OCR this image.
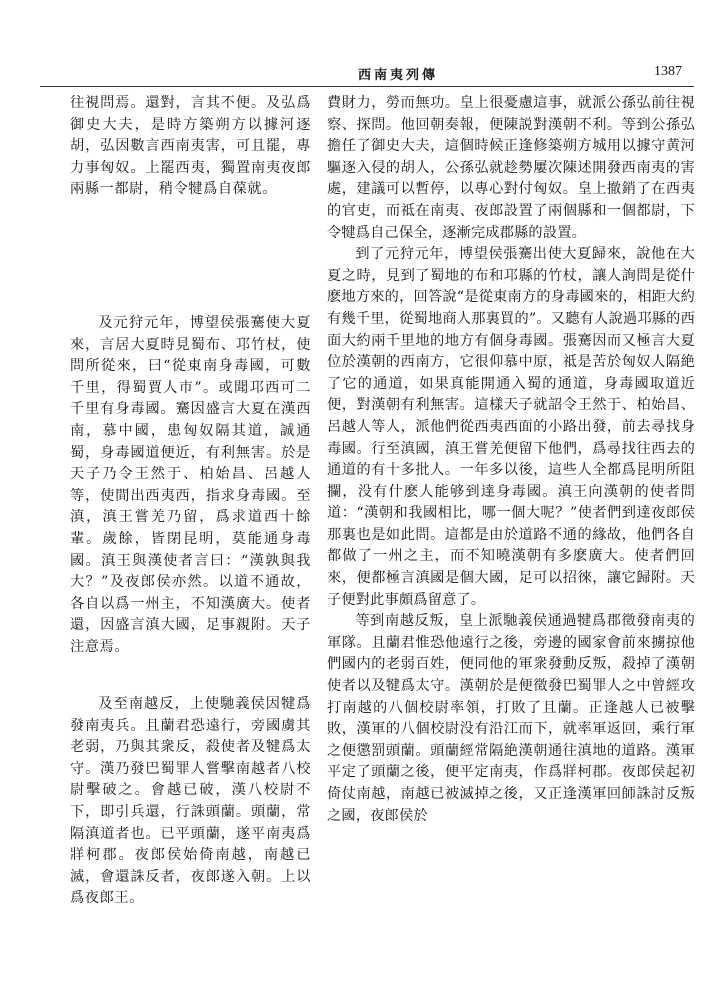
西南夷列傳	1387

往視問焉。還對，言其不便。及弘爲御史大夫，是時方築朔方以據河逐胡，弘因數言西南夷害，可且罷，專力事匈奴。上罷西夷，獨置南夷夜郎兩縣一都尉，稍令犍爲自葆就。

及元狩元年，博望侯張騫使大夏來，言居大夏時見蜀布、邛竹杖，使問所從來，曰“從東南身毒國，可數千里，得蜀賈人市”。或聞邛西可二千里有身毒國。騫因盛言大夏在漢西南，慕中國，患匈奴隔其道，誠通蜀，身毒國道便近，有利無害。於是天子乃令王然于、柏始昌、呂越人等，使間出西夷西，指求身毒國。至滇，滇王嘗羌乃留，爲求道西十餘輩。歲餘，皆閉昆明，莫能通身毒國。滇王與漢使者言曰：“漢孰與我大？”及夜郎侯亦然。以道不通故，各自以爲一州主，不知漢廣大。使者還，因盛言滇大國，足事親附。天子注意焉。

及至南越反，上使馳義侯因犍爲發南夷兵。且蘭君恐遠行，旁國虜其老弱，乃與其衆反，殺使者及犍爲太守。漢乃發巴蜀罪人嘗擊南越者八校尉擊破之。會越已破，漢八校尉不下，即引兵還，行誅頭蘭。頭蘭，常隔滇道者也。已平頭蘭，遂平南夷爲牂柯郡。夜郎侯始倚南越，南越已滅，會還誅反者，夜郎遂入朝。上以爲夜郎王。

費財力，勞而無功。皇上很憂慮這事，就派公孫弘前往視察、探問。他回朝奏報，便陳説對漢朝不利。等到公孫弘擔任了御史大夫，這個時候正逢修築朔方城用以據守黄河驅逐入侵的胡人，公孫弘就趁勢屢次陳述開發西南夷的害處，建議可以暫停，以專心對付匈奴。皇上撤銷了在西夷的官吏，而祗在南夷、夜郎設置了兩個縣和一個都尉，下令犍爲自己保全，逐漸完成郡縣的設置。

到了元狩元年，博望侯張騫出使大夏歸來，說他在大夏之時，見到了蜀地的布和邛縣的竹杖，讓人詢問是從什麽地方來的，回答說“是從東南方的身毒國來的，相距大約有幾千里，從蜀地商人那裏買的”。又聽有人說過邛縣的西面大約兩千里地的地方有個身毒國。張騫因而又極言大夏位於漢朝的西南方，它很仰慕中原，祗是苦於匈奴人隔絶了它的通道，如果真能開通入蜀的通道，身毒國取道近便，對漢朝有利無害。這樣天子就詔令王然于、柏始昌、呂越人等人，派他們從西夷西面的小路出發，前去尋找身毒國。行至滇國，滇王嘗羌便留下他們，爲尋找往西去的通道的有十多批人。一年多以後，這些人全都爲昆明所阻攔，没有什麽人能够到達身毒國。滇王向漢朝的使者問道：“漢朝和我國相比，哪一個大呢？”使者們到達夜郎侯那裏也是如此問。這都是由於道路不通的緣故，他們各自都做了一州之主，而不知曉漢朝有多麽廣大。使者們回來，便都極言滇國是個大國，足可以招徠，讓它歸附。天子便對此事頗爲留意了。

等到南越反叛，皇上派馳義侯通過犍爲郡徵發南夷的軍隊。且蘭君惟恐他遠行之後，旁邊的國家會前來擄掠他們國内的老弱百姓，便同他的軍衆發動反叛，殺掉了漢朝使者以及犍爲太守。漢朝於是便徵發巴蜀罪人之中曾經攻打南越的八個校尉率領，打敗了且蘭。正逢越人已被擊敗，漢軍的八個校尉没有沿江而下，就率軍返回，乘行軍之便懲罰頭蘭。頭蘭經常隔絶漢朝通往滇地的道路。漢軍平定了頭蘭之後，便平定南夷，作爲牂柯郡。夜郎侯起初倚仗南越，南越已被滅掉之後，又正逢漢軍回師誅討反叛之國，夜郎侯於
